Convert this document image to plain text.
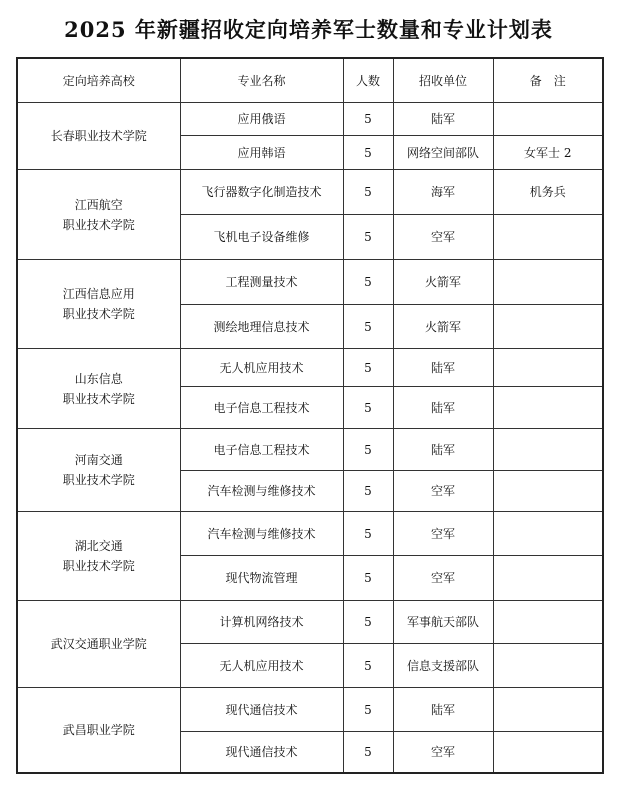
2025 年新疆招收定向培养军士数量和专业计划表
定向培养高校	专业名称	人数	招收单位	备　注

长春职业技术学院	应用俄语	5	陆军	
	应用韩语	5	网络空间部队	女军士 2

江西航空
职业技术学院	飞行器数字化制造技术	5	海军	机务兵
	飞机电子设备维修	5	空军	

江西信息应用
职业技术学院	工程测量技术	5	火箭军	
	测绘地理信息技术	5	火箭军	

山东信息
职业技术学院	无人机应用技术	5	陆军	
	电子信息工程技术	5	陆军	

河南交通
职业技术学院	电子信息工程技术	5	陆军	
	汽车检测与维修技术	5	空军	

湖北交通
职业技术学院	汽车检测与维修技术	5	空军	
	现代物流管理	5	空军	

武汉交通职业学院	计算机网络技术	5	军事航天部队	
	无人机应用技术	5	信息支援部队	

武昌职业学院	现代通信技术	5	陆军	
	现代通信技术	5	空军	
